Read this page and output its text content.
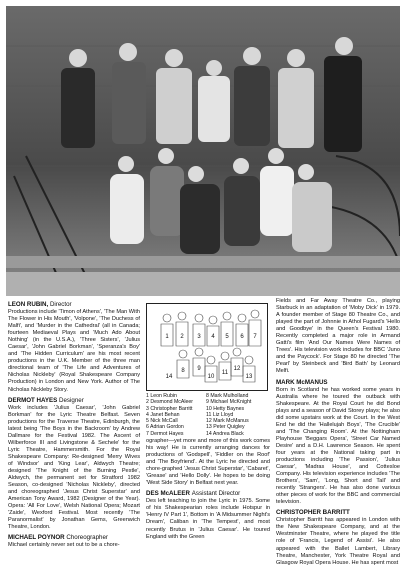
LEON RUBIN, Director

Productions include 'Timon of Athens', 'The Man With The Flower in His Mouth', 'Volpone', 'The Duchess of Malfi', and 'Murder in the Cathedral' (all in Canada; fourteen Mediaeval Plays and 'Much Ado About Nothing' (in the U.S.A.), 'Three Sisters', 'Julius Caesar', 'John Gabriel Borkman', 'Speranza's Boy' and 'The Hidden Curriculum' are his most recent productions in the U.K. Member of the three man directional team of 'The Life and Adventures of Nicholas Nickleby' (Royal Shakespeare Company Production) in London and New York. Author of The Nicholas Nickleby Story.

DERMOT HAYES Designer

Work includes 'Julius Caesar', 'John Gabriel Borkman' for the Lyric Theatre Belfast. Seven productions for the Traverse Theatre, Edinburgh, the latest being 'The Boys in the Backroom' by Andrew Dallmare for the Festival 1982. The Ascent of Wilberforce III and Livingstone & Sechele' for the Lyric Theatre, Hammersmith. For the Royal Shakespeare Company: Re-designed 'Merry Wives of Windsor' and 'King Lear', Aldwych Theatre; designed 'The Knight of the Burning Pestle', Aldwych, the permanent set for Stratford 1982 Season, co-designed 'Nicholas Nickleby', directed and choreographed 'Jesus Christ Superstar' and American Tony Award, 1982 (Designer of the Year). Opera: 'All For Love', Welsh National Opera; Mozart 'Zaide', Wexford Festival. Most recently 'The Paranormalist' by Jonathan Gems, Greenwich Theatre, London.

MICHAEL POYNOR Choreographer

Michael certainly never set out to be a chore-

1 2 3 4 5 6 7
8 9
10
11
12
13
14
1 Leon Rubin	8 Mark Mulholland
2 Desmond McAleer	9 Michael McKnight
3 Christopher Barritt	10 Hetty Baynes
4 Janet Behan	11 Liz Lloyd
5 Nick McCall	12 Mark McManus
6 Adrian Gordon	13 Peter Quigley
7 Dermot Hayes	14 Andrea Black

ographer—yet more and more of this work comes his way! He is currently arranging dances for productions of 'Godspell', 'Fiddler on the Roof' and 'The Boyfriend'. At the Lyric he directed and chore-graphed 'Jesus Christ Superstar', 'Cabaret', 'Grease' and 'Hello Dolly'. He hopes to be doing 'West Side Story' in Belfast next year.

DES McALEER Assistant Director

Des left teaching to join the Lyric in 1975. Some of his Shakespearian roles include Hotspur in 'Henry IV Part 1', Bottom in 'A Midsummer Night's Dream', Caliban in 'The Tempest', and most recently Brutus in 'Julius Caesar'. He toured England with the Green

Fields and Far Away Theatre Co., playing Starbuck in an adaptation of 'Moby Dick' in 1979. A founder member of Stage 80 Theatre Co., and played the part of Johnnie in Athol Fugard's 'Hello and Goodbye' in the Queen's Festival 1980. Recently completed a major role in Armand Gatti's film 'And Our Names Were Names of Trees'. His television work includes for BBC 'Juno and the Paycock'. For Stage 80 he directed 'The Pearl' by Steinbeck and 'Bird Bath' by Leonard Melfi.

MARK McMANUS

Born in Scotland he has worked some years in Australia where he toured the outback with Shakespeare. At the Royal Court he did Bond plays and a season of David Storey plays; he also did some upstairs work at the Court. In the West End he did the 'Hallelujah Boys', 'The Crucible' and 'The Changing Room'. At the Nottingham Playhouse 'Beggars Opera', 'Street Car Named Desire' and a D.H. Lawrence Season. He spent four years at the National taking part in productions including 'The Passion', 'Julius Caesar', 'Madras House', and Cottesloe Company. His television experience includes 'The Brothers', 'Sam', 'Long, Short and Tall' and recently 'Strangers'. He has also done various other pieces of work for the BBC and commercial television.

CHRISTOPHER BARRITT

Christopher Barritt has appeared in London with the New Shakespeare Company, and at the Westminster Theatre, where he played the title role of 'Francis, Legend of Assisi'. He also appeared with the Ballet Lambert, Library Theatre, Manchester, York Theatre Royal and Glasgow Royal Opera House. He has spent most
